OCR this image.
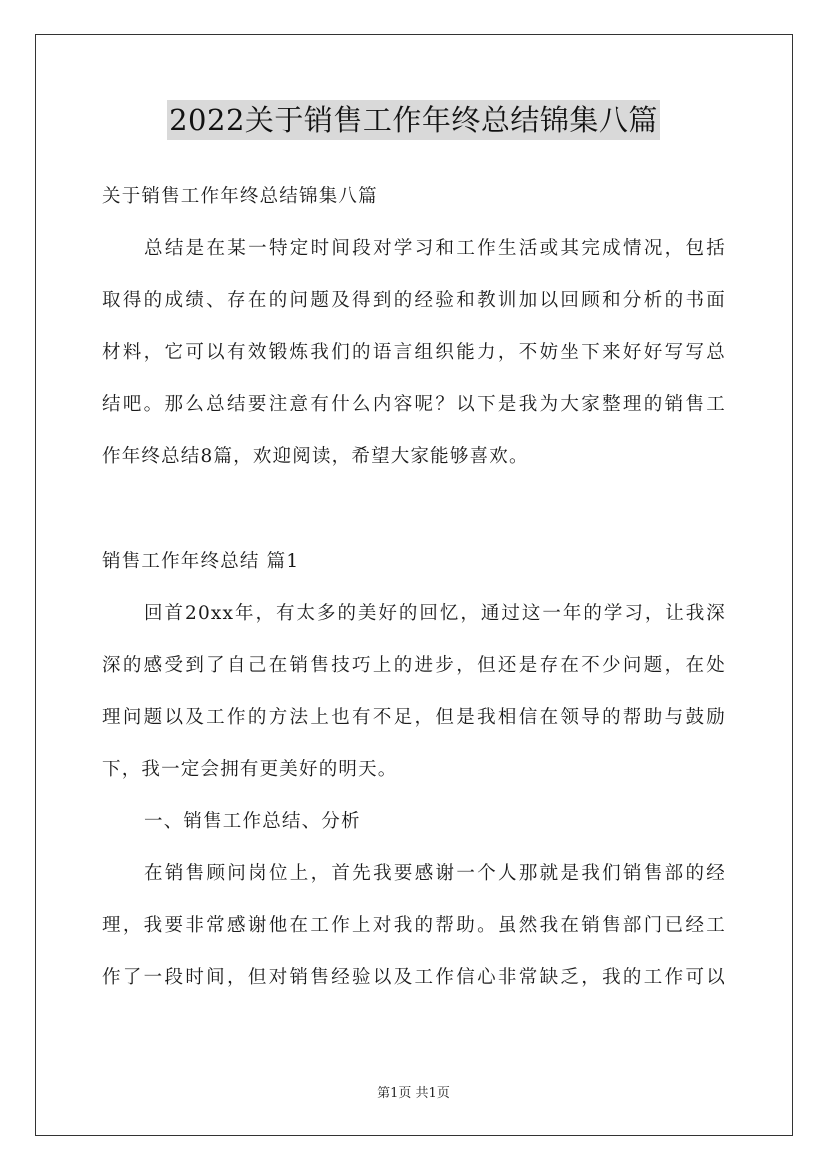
2022关于销售工作年终总结锦集八篇
关于销售工作年终总结锦集八篇
总结是在某一特定时间段对学习和工作生活或其完成情况，包括
取得的成绩、存在的问题及得到的经验和教训加以回顾和分析的书面
材料，它可以有效锻炼我们的语言组织能力，不妨坐下来好好写写总
结吧。那么总结要注意有什么内容呢？以下是我为大家整理的销售工
作年终总结8篇，欢迎阅读，希望大家能够喜欢。
销售工作年终总结 篇1
回首20xx年，有太多的美好的回忆，通过这一年的学习，让我深
深的感受到了自己在销售技巧上的进步，但还是存在不少问题，在处
理问题以及工作的方法上也有不足，但是我相信在领导的帮助与鼓励
下，我一定会拥有更美好的明天。
一、销售工作总结、分析
在销售顾问岗位上，首先我要感谢一个人那就是我们销售部的经
理，我要非常感谢他在工作上对我的帮助。虽然我在销售部门已经工
作了一段时间，但对销售经验以及工作信心非常缺乏，我的工作可以
第1页 共1页
